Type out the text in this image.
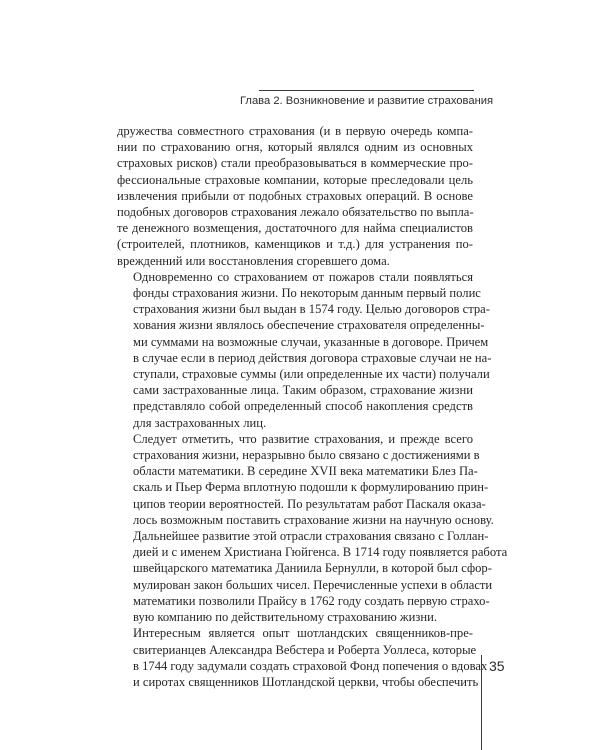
Глава 2. Возникновение и развитие страхования

дружества совместного страхования (и в первую очередь компа-
нии по страхованию огня, который являлся одним из основных
страховых рисков) стали преобразовываться в коммерческие про-
фессиональные страховые компании, которые преследовали цель
извлечения прибыли от подобных страховых операций. В основе
подобных договоров страхования лежало обязательство по выпла-
те денежного возмещения, достаточного для найма специалистов
(строителей, плотников, каменщиков и т.д.) для устранения по-
врежденний или восстановления сгоревшего дома.

Одновременно со страхованием от пожаров стали появляться
фонды страхования жизни. По некоторым данным первый полис
страхования жизни был выдан в 1574 году. Целью договоров стра-
хования жизни являлось обеспечение страхователя определенны-
ми суммами на возможные случаи, указанные в договоре. Причем
в случае если в период действия договора страховые случаи не на-
ступали, страховые суммы (или определенные их части) получали
сами застрахованные лица. Таким образом, страхование жизни
представляло собой определенный способ накопления средств
для застрахованных лиц.

Следует отметить, что развитие страхования, и прежде всего
страхования жизни, неразрывно было связано с достижениями в
области математики. В середине XVII века математики Блез Па-
скаль и Пьер Ферма вплотную подошли к формулированию прин-
ципов теории вероятностей. По результатам работ Паскаля оказа-
лось возможным поставить страхование жизни на научную основу.
Дальнейшее развитие этой отрасли страхования связано с Голлан-
дией и с именем Христиана Гюйгенса. В 1714 году появляется работа
швейцарского математика Даниила Бернулли, в которой был сфор-
мулирован закон больших чисел. Перечисленные успехи в области
математики позволили Прайсу в 1762 году создать первую страхо-
вую компанию по действительному страхованию жизни.

Интересным является опыт шотландских священников-пре-
свитерианцев Александра Вебстера и Роберта Уоллеса, которые
в 1744 году задумали создать страховой Фонд попечения о вдовах
и сиротах священников Шотландской церкви, чтобы обеспечить

35
